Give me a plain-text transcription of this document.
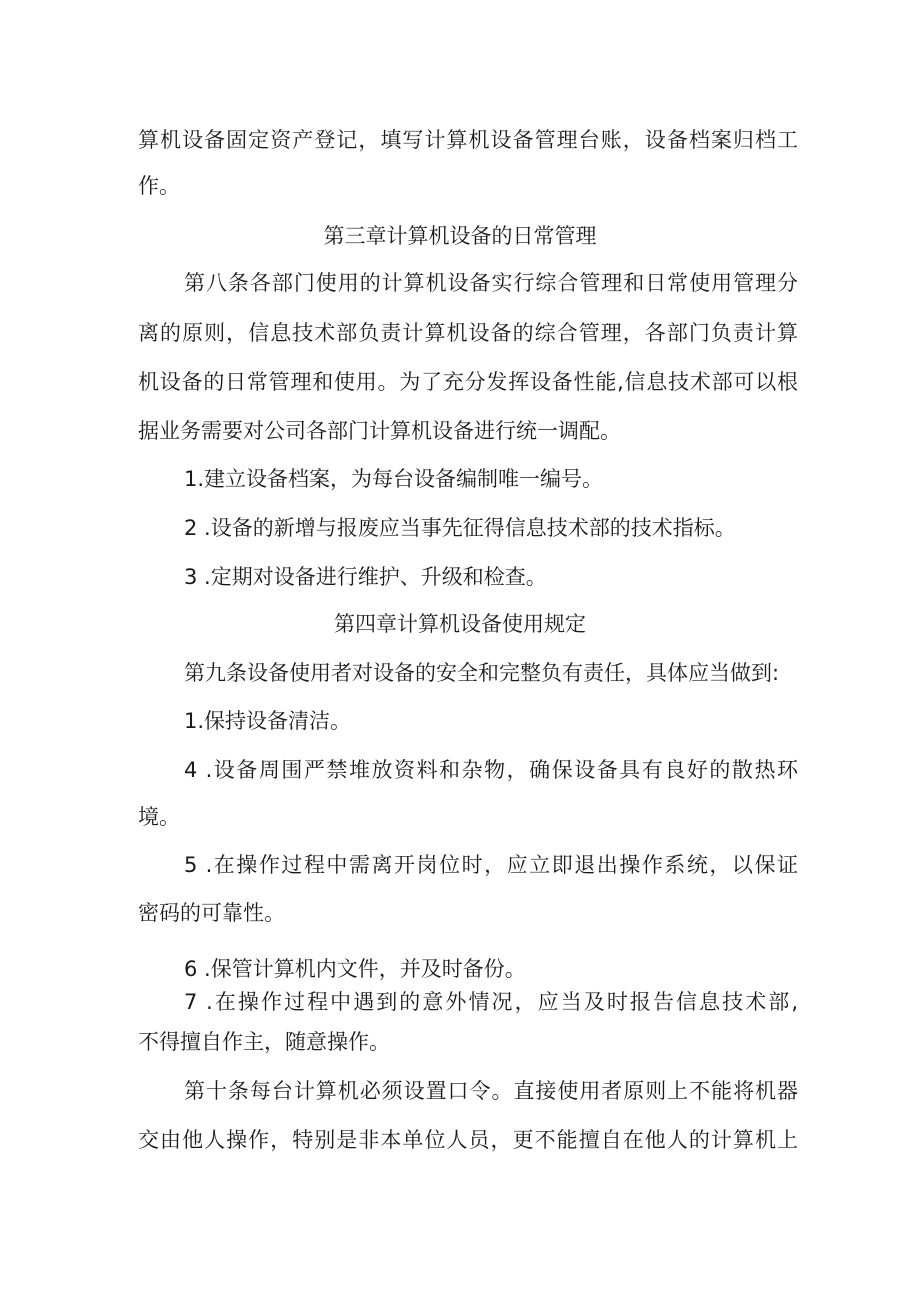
算机设备固定资产登记，填写计算机设备管理台账，设备档案归档工
作。
第三章计算机设备的日常管理
第八条各部门使用的计算机设备实行综合管理和日常使用管理分
离的原则，信息技术部负责计算机设备的综合管理，各部门负责计算
机设备的日常管理和使用。为了充分发挥设备性能,信息技术部可以根
据业务需要对公司各部门计算机设备进行统一调配。
1.建立设备档案，为每台设备编制唯一编号。
2 .设备的新增与报废应当事先征得信息技术部的技术指标。
3 .定期对设备进行维护、升级和检查。
第四章计算机设备使用规定
第九条设备使用者对设备的安全和完整负有责任，具体应当做到:
1.保持设备清洁。
4 .设备周围严禁堆放资料和杂物，确保设备具有良好的散热环
境。
5 .在操作过程中需离开岗位时，应立即退出操作系统，以保证
密码的可靠性。
6 .保管计算机内文件，并及时备份。
7 .在操作过程中遇到的意外情况，应当及时报告信息技术部,
不得擅自作主，随意操作。
第十条每台计算机必须设置口令。直接使用者原则上不能将机器
交由他人操作，特别是非本单位人员，更不能擅自在他人的计算机上
